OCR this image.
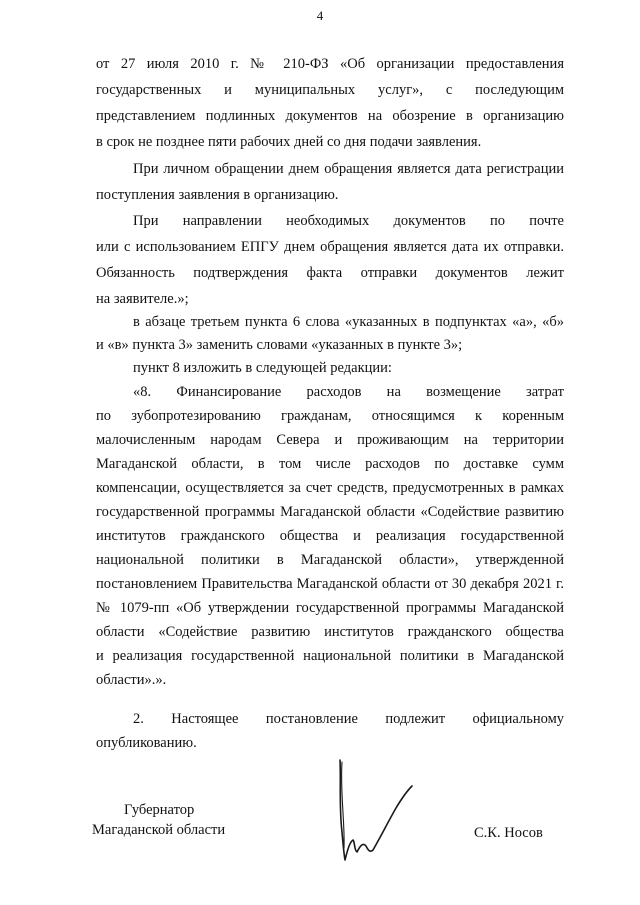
4
от 27 июля 2010 г. № 210-ФЗ «Об организации предоставления
государственных и муниципальных услуг», с последующим
представлением подлинных документов на обозрение в организацию
в срок не позднее пяти рабочих дней со дня подачи заявления.
При личном обращении днем обращения является дата регистрации
поступления заявления в организацию.
При направлении необходимых документов по почте
или с использованием ЕПГУ днем обращения является дата их отправки.
Обязанность подтверждения факта отправки документов лежит
на заявителе.»;
в абзаце третьем пункта 6 слова «указанных в подпунктах «а», «б»
и «в» пункта 3» заменить словами «указанных в пункте 3»;
пункт 8 изложить в следующей редакции:
«8. Финансирование расходов на возмещение затрат
по зубопротезированию гражданам, относящимся к коренным
малочисленным народам Севера и проживающим на территории
Магаданской области, в том числе расходов по доставке сумм
компенсации, осуществляется за счет средств, предусмотренных в рамках
государственной программы Магаданской области «Содействие развитию
институтов гражданского общества и реализация государственной
национальной политики в Магаданской области», утвержденной
постановлением Правительства Магаданской области от 30 декабря 2021 г.
№ 1079-пп «Об утверждении государственной программы Магаданской
области «Содействие развитию институтов гражданского общества
и реализация государственной национальной политики в Магаданской
области».».
2. Настоящее постановление подлежит официальному
опубликованию.
Губернатор
Магаданской области	С.К. Носов
